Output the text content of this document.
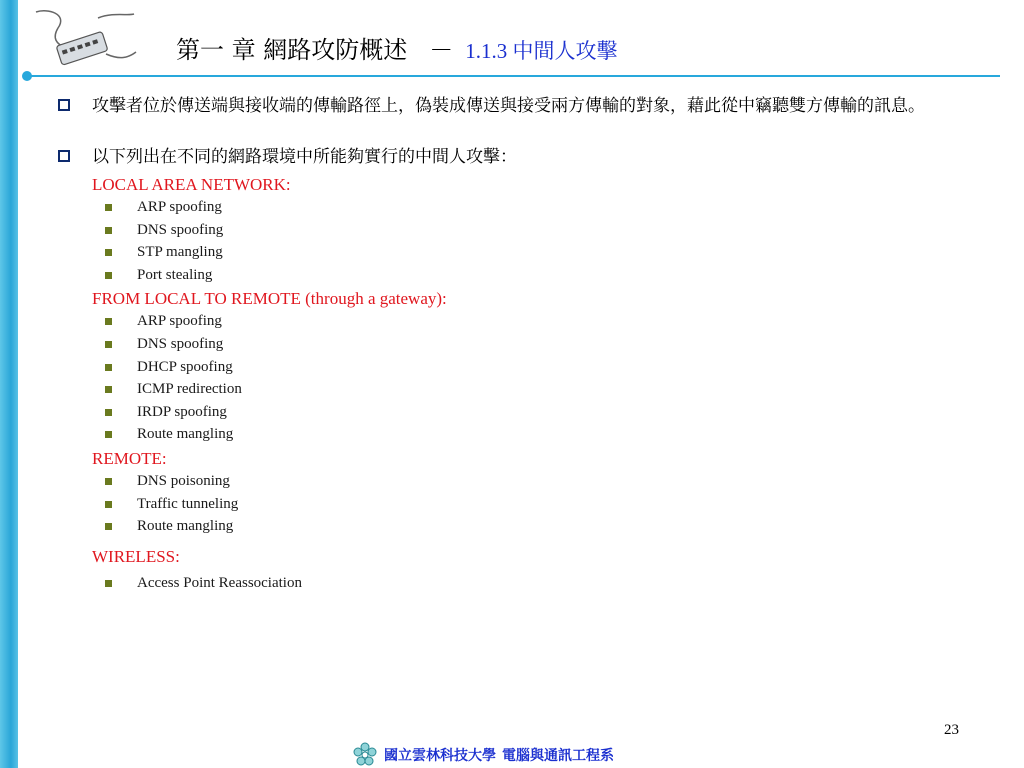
第一 章 網路攻防概述 － 1.1.3 中間人攻擊
攻擊者位於傳送端與接收端的傳輸路徑上，偽裝成傳送與接受兩方傳輸的對象，藉此從中竊聽雙方傳輸的訊息。
以下列出在不同的網路環境中所能夠實行的中間人攻擊：
LOCAL AREA NETWORK:
ARP spoofing
DNS spoofing
STP mangling
Port stealing
FROM LOCAL TO REMOTE (through a gateway):
ARP spoofing
DNS spoofing
DHCP spoofing
ICMP redirection
IRDP spoofing
Route mangling
REMOTE:
DNS poisoning
Traffic tunneling
Route mangling
WIRELESS:
Access Point Reassociation
23
國立雲林科技大學 電腦與通訊工程系
